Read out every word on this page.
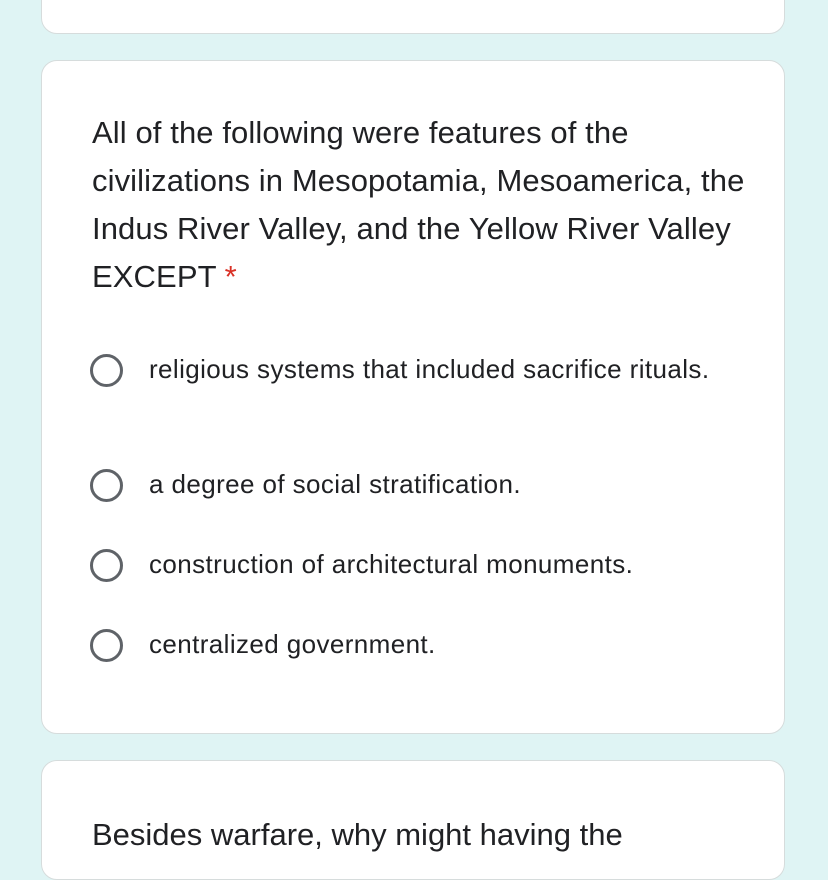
All of the following were features of the civilizations in Mesopotamia, Mesoamerica, the Indus River Valley, and the Yellow River Valley EXCEPT *
religious systems that included sacrifice rituals.
a degree of social stratification.
construction of architectural monuments.
centralized government.
Besides warfare, why might having the
